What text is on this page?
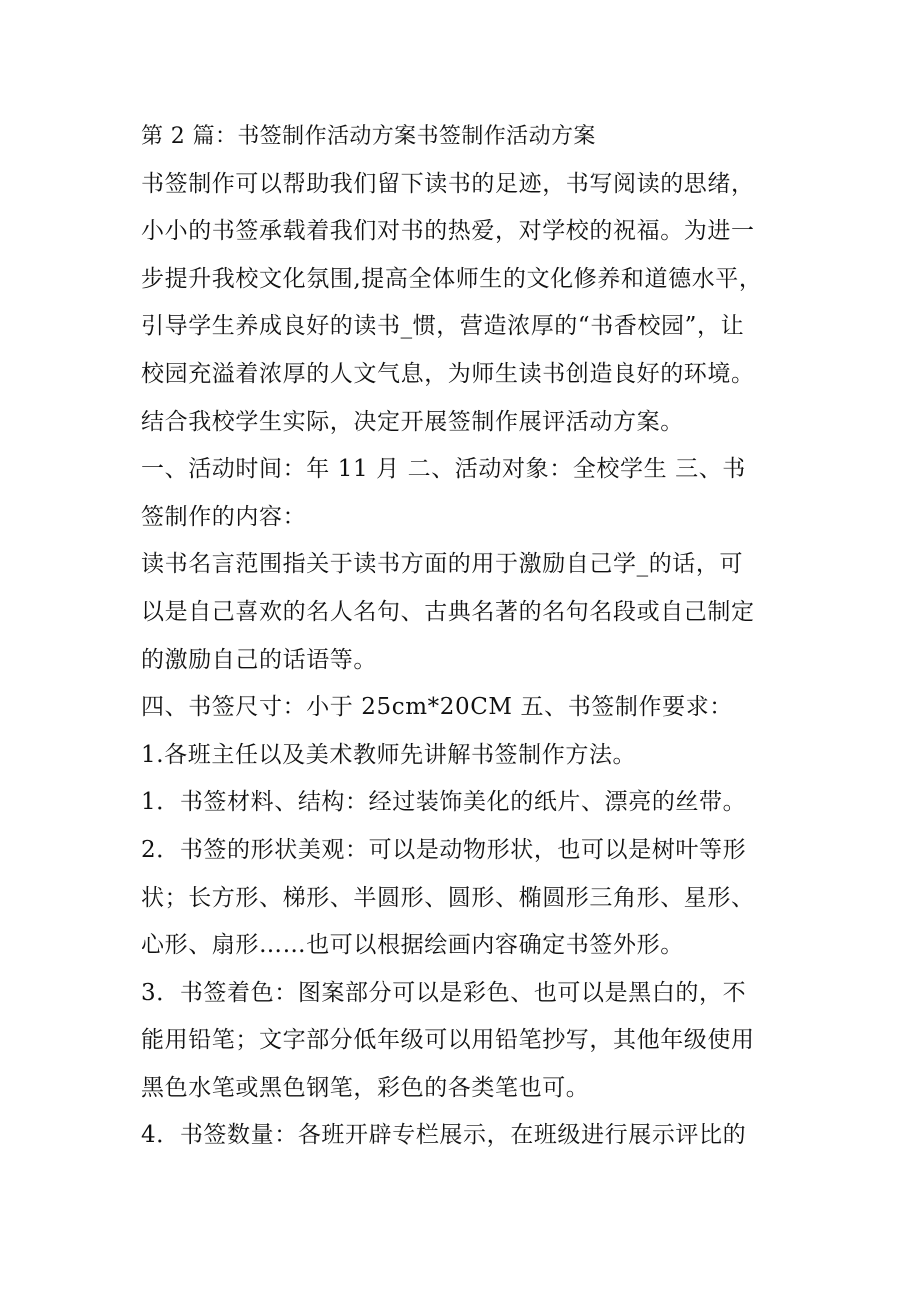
第 2 篇：书签制作活动方案书签制作活动方案
书签制作可以帮助我们留下读书的足迹，书写阅读的思绪，
小小的书签承载着我们对书的热爱，对学校的祝福。为进一
步提升我校文化氛围,提高全体师生的文化修养和道德水平，
引导学生养成良好的读书_惯，营造浓厚的“书香校园”，让
校园充溢着浓厚的人文气息，为师生读书创造良好的环境。
结合我校学生实际，决定开展签制作展评活动方案。
一、活动时间：年 11 月 二、活动对象：全校学生 三、书
签制作的内容：
读书名言范围指关于读书方面的用于激励自己学_的话，可
以是自己喜欢的名人名句、古典名著的名句名段或自己制定
的激励自己的话语等。
四、书签尺寸：小于 25cm*20CM 五、书签制作要求：
1.各班主任以及美术教师先讲解书签制作方法。
1．书签材料、结构：经过装饰美化的纸片、漂亮的丝带。
2．书签的形状美观：可以是动物形状，也可以是树叶等形
状；长方形、梯形、半圆形、圆形、椭圆形三角形、星形、
心形、扇形……也可以根据绘画内容确定书签外形。
3．书签着色：图案部分可以是彩色、也可以是黑白的，不
能用铅笔；文字部分低年级可以用铅笔抄写，其他年级使用
黑色水笔或黑色钢笔，彩色的各类笔也可。
4．书签数量：各班开辟专栏展示，在班级进行展示评比的
